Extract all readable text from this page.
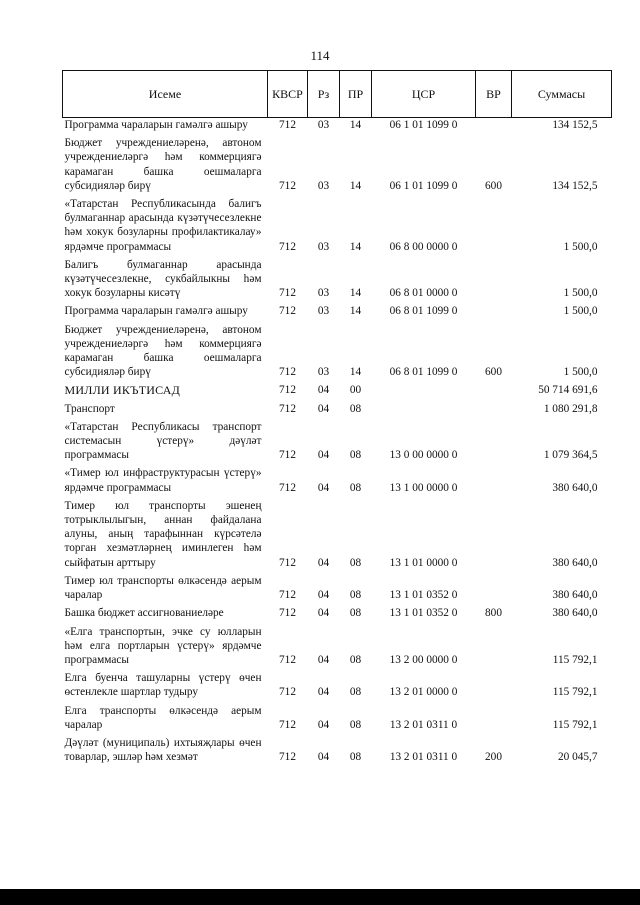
114
Исеме	КВСР	Рз	ПР	ЦСР	ВР	Суммасы
Программа чараларын гамәлгә ашыру	712	03	14	06 1 01 1099 0		134 152,5
Бюджет учреждениеләренә, автоном учреждениеләргә һәм коммерциягә карамаган башка оешмаларга субсидияләр бирү	712	03	14	06 1 01 1099 0	600	134 152,5
«Татарстан Республикасында балигъ булмаганнар арасында күзәтүчесезлекне һәм хокук бозуларны профилактикалау» ярдәмче программасы	712	03	14	06 8 00 0000 0		1 500,0
Балигъ булмаганнар арасында күзәтүчесезлекне, сукбайлыкны һәм хокук бозуларны кисәтү	712	03	14	06 8 01 0000 0		1 500,0
Программа чараларын гамәлгә ашыру	712	03	14	06 8 01 1099 0		1 500,0
Бюджет учреждениеләренә, автоном учреждениеләргә һәм коммерциягә карамаган башка оешмаларга субсидияләр бирү	712	03	14	06 8 01 1099 0	600	1 500,0
МИЛЛИ ИКЪТИСАД	712	04	00			50 714 691,6
Транспорт	712	04	08			1 080 291,8
«Татарстан Республикасы транспорт системасын үстерү» дәүләт программасы	712	04	08	13 0 00 0000 0		1 079 364,5
«Тимер юл инфраструктурасын үстерү» ярдәмче программасы	712	04	08	13 1 00 0000 0		380 640,0
Тимер юл транспорты эшенең тотрыклылыгын, аннан файдалана алуны, аның тарафыннан күрсәтелә торган хезмәтләрнең иминлеген һәм сыйфатын арттыру	712	04	08	13 1 01 0000 0		380 640,0
Тимер юл транспорты өлкәсендә аерым чаралар	712	04	08	13 1 01 0352 0		380 640,0
Башка бюджет ассигнованиеләре	712	04	08	13 1 01 0352 0	800	380 640,0
«Елга транспортын, эчке су юлларын һәм елга портларын үстерү» ярдәмче программасы	712	04	08	13 2 00 0000 0		115 792,1
Елга буенча ташуларны үстерү өчен өстенлекле шартлар тудыру	712	04	08	13 2 01 0000 0		115 792,1
Елга транспорты өлкәсендә аерым чаралар	712	04	08	13 2 01 0311 0		115 792,1
Дәүләт (муниципаль) ихтыяҗлары өчен товарлар, эшләр һәм хезмәт	712	04	08	13 2 01 0311 0	200	20 045,7
